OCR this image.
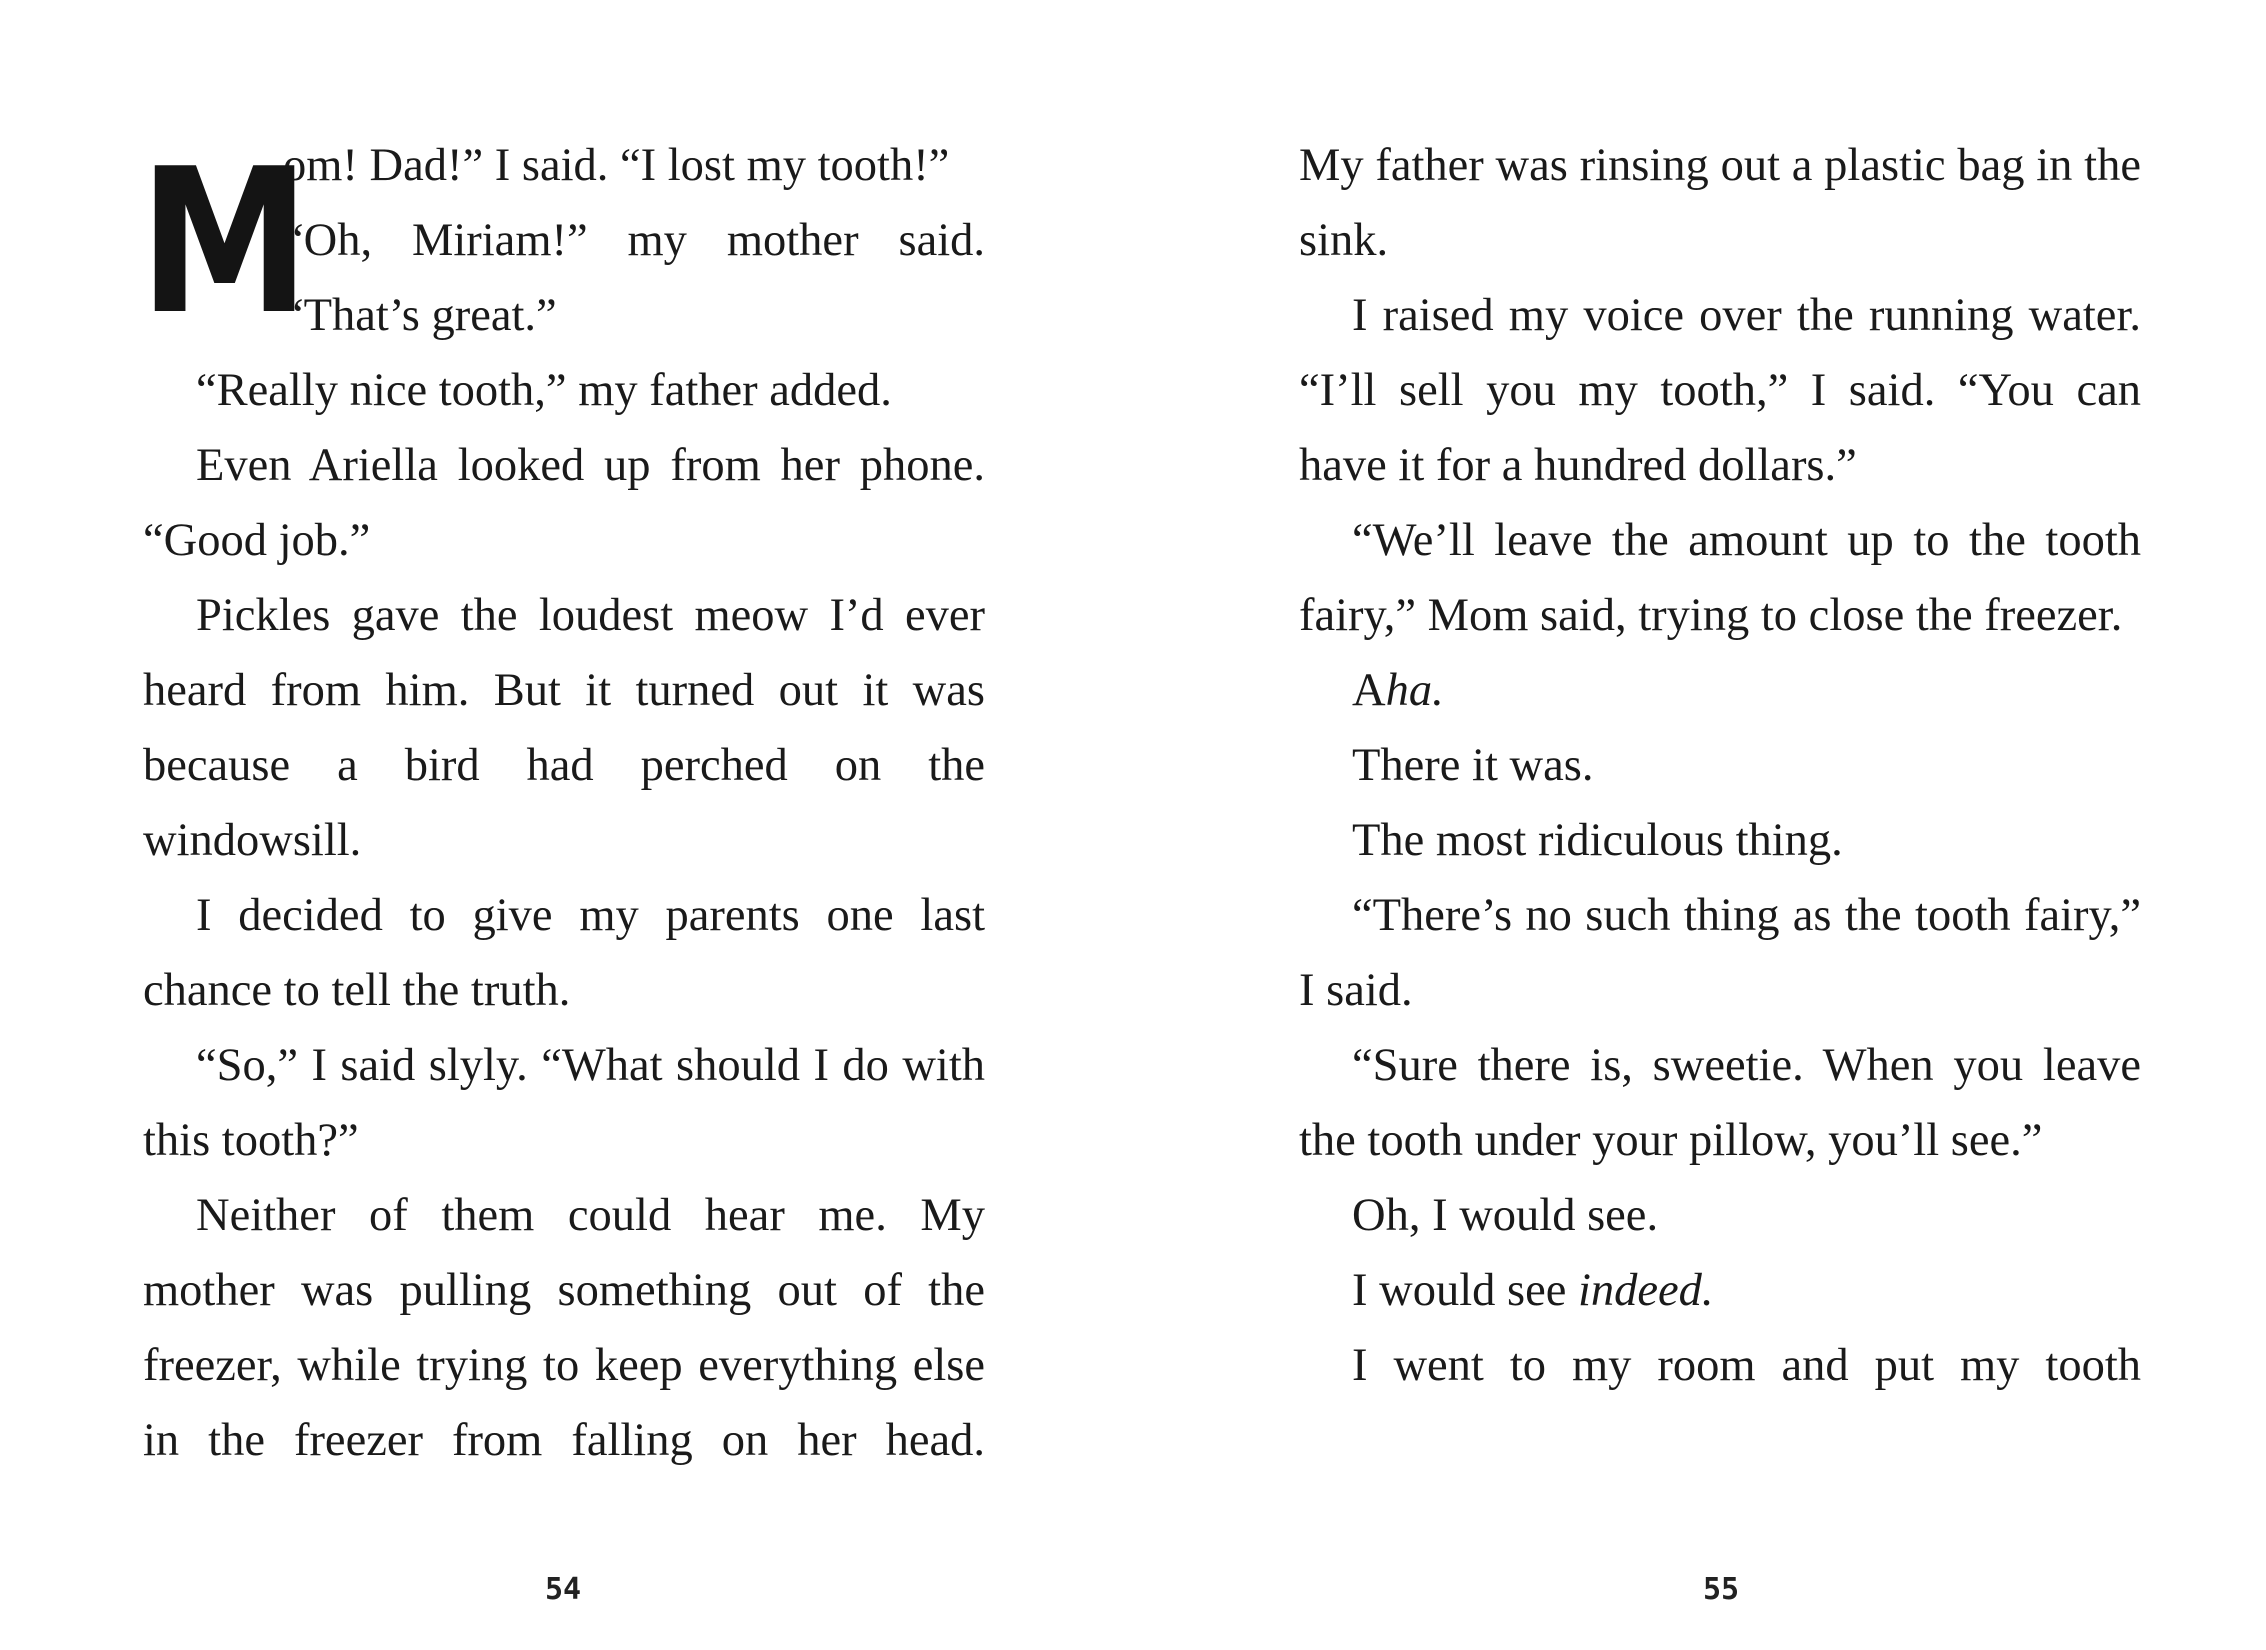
M
om! Dad!” I said. “I lost my tooth!”

“Oh, Miriam!” my mother said. “That’s great.”

“Really nice tooth,” my father added.

Even Ariella looked up from her phone. “Good job.”

Pickles gave the loudest meow I’d ever heard from him. But it turned out it was because a bird had perched on the windowsill.

I decided to give my parents one last chance to tell the truth.

“So,” I said slyly. “What should I do with this tooth?”

Neither of them could hear me. My mother was pulling something out of the freezer, while trying to keep everything else in the freezer from falling on her head.

54

My father was rinsing out a plastic bag in the sink.

I raised my voice over the running water. “I’ll sell you my tooth,” I said. “You can have it for a hundred dollars.”

“We’ll leave the amount up to the tooth fairy,” Mom said, trying to close the freezer.

Aha.

There it was.

The most ridiculous thing.

“There’s no such thing as the tooth fairy,” I said.

“Sure there is, sweetie. When you leave the tooth under your pillow, you’ll see.”

Oh, I would see.

I would see indeed.

I went to my room and put my tooth

55
